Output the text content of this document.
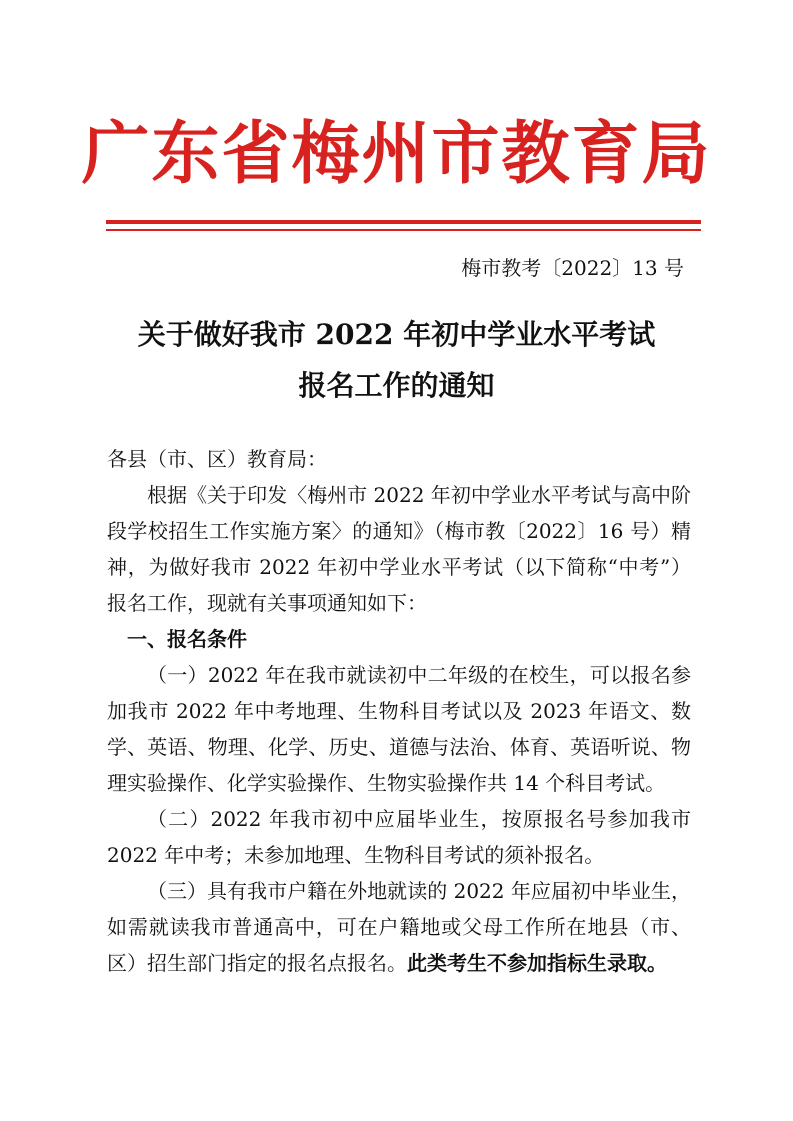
广东省梅州市教育局
梅市教考〔2022〕13 号
关于做好我市 2022 年初中学业水平考试
报名工作的通知

各县（市、区）教育局：

根据《关于印发〈梅州市 2022 年初中学业水平考试与高中阶段学校招生工作实施方案〉的通知》（梅市教〔2022〕16 号）精神，为做好我市 2022 年初中学业水平考试（以下简称“中考”）报名工作，现就有关事项通知如下：

一、报名条件

（一）2022 年在我市就读初中二年级的在校生，可以报名参加我市 2022 年中考地理、生物科目考试以及 2023 年语文、数学、英语、物理、化学、历史、道德与法治、体育、英语听说、物理实验操作、化学实验操作、生物实验操作共 14 个科目考试。

（二）2022 年我市初中应届毕业生，按原报名号参加我市 2022 年中考；未参加地理、生物科目考试的须补报名。

（三）具有我市户籍在外地就读的 2022 年应届初中毕业生，如需就读我市普通高中，可在户籍地或父母工作所在地县（市、区）招生部门指定的报名点报名。此类考生不参加指标生录取。
